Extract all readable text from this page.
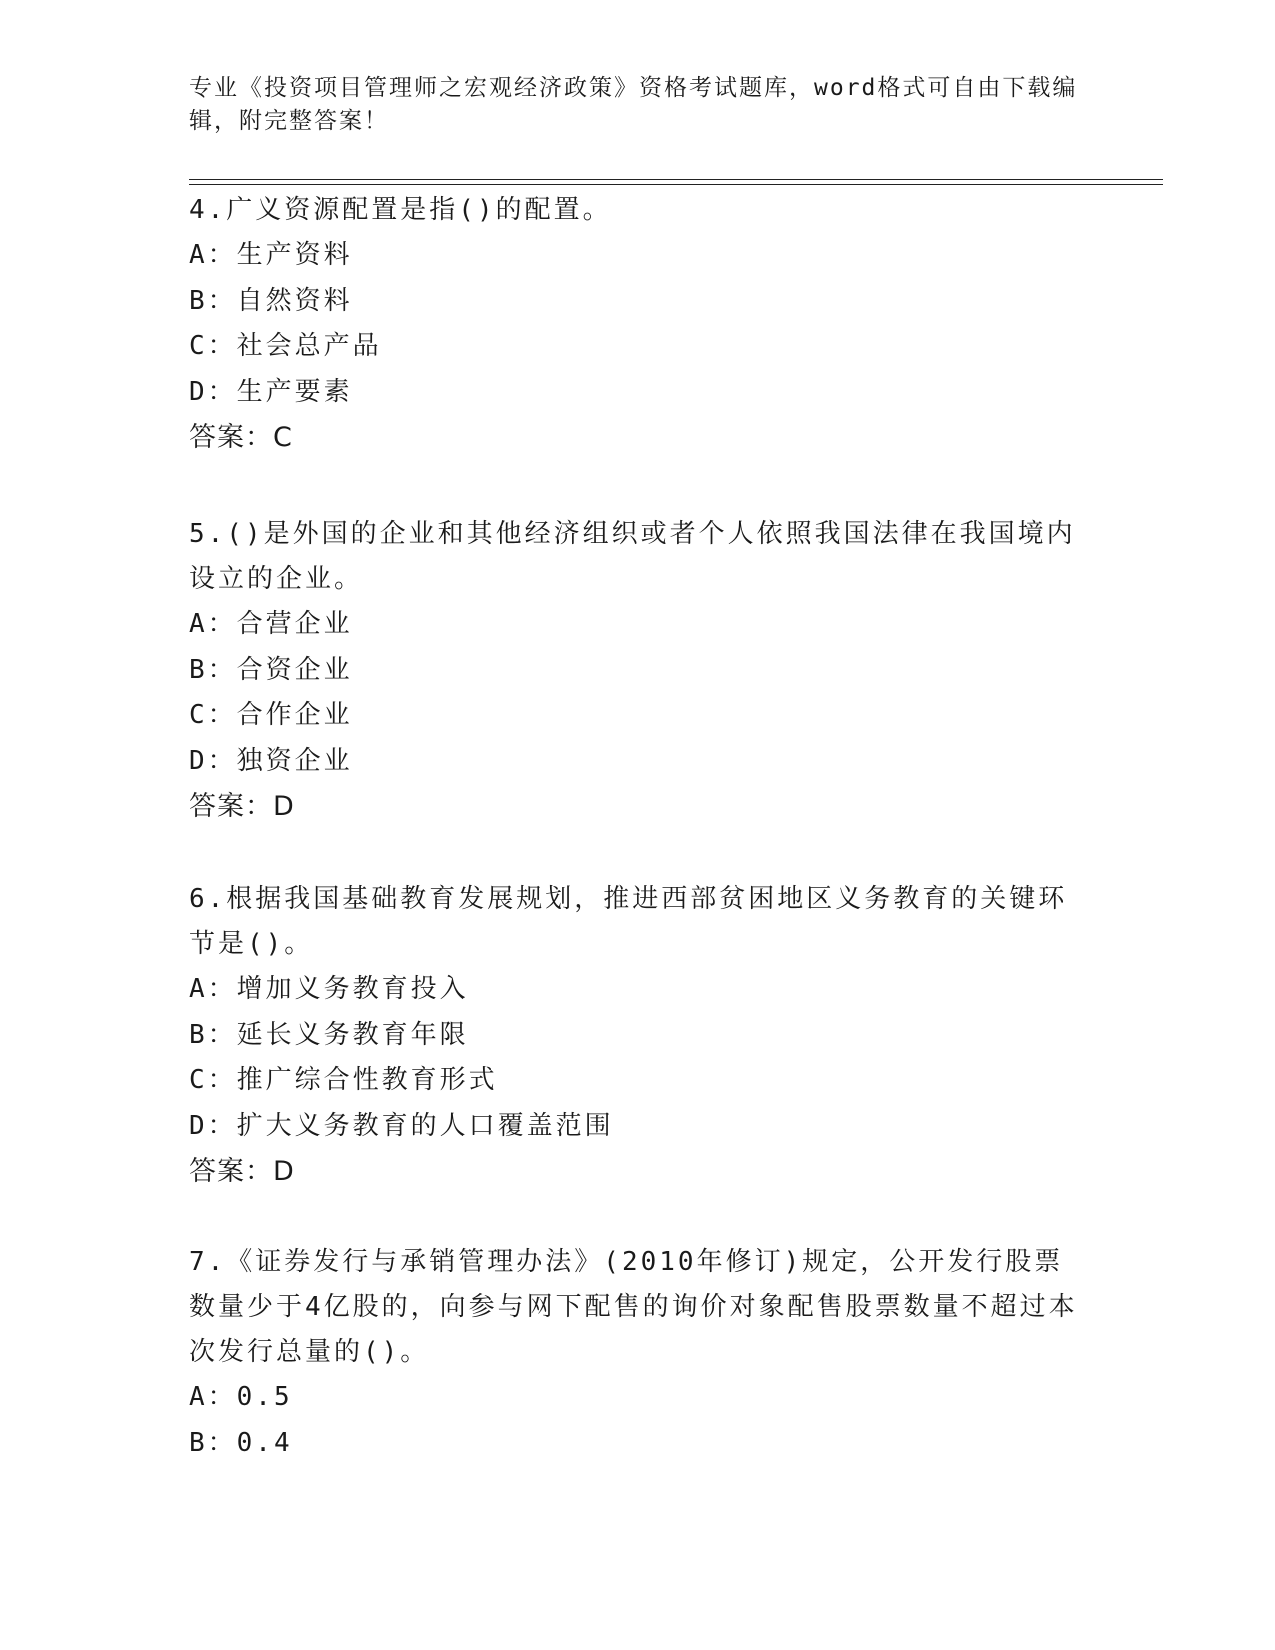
专业《投资项目管理师之宏观经济政策》资格考试题库，word格式可自由下载编辑，附完整答案！
4.广义资源配置是指()的配置。
A：生产资料
B：自然资料
C：社会总产品
D：生产要素
答案：C
5.()是外国的企业和其他经济组织或者个人依照我国法律在我国境内设立的企业。
A：合营企业
B：合资企业
C：合作企业
D：独资企业
答案：D
6.根据我国基础教育发展规划，推进西部贫困地区义务教育的关键环节是()。
A：增加义务教育投入
B：延长义务教育年限
C：推广综合性教育形式
D：扩大义务教育的人口覆盖范围
答案：D
7.《证券发行与承销管理办法》(2010年修订)规定，公开发行股票数量少于4亿股的，向参与网下配售的询价对象配售股票数量不超过本次发行总量的()。
A：0.5
B：0.4
